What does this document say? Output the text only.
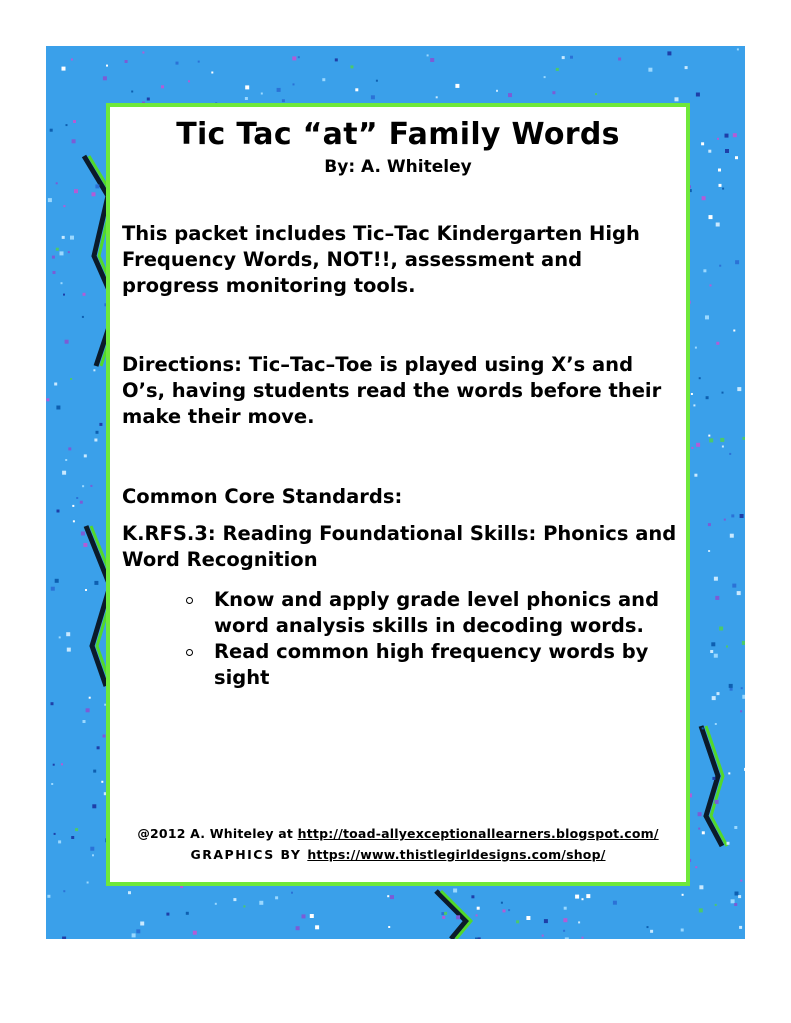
Tic Tac “at” Family Words
By: A. Whiteley
This packet includes Tic–Tac Kindergarten High Frequency Words, NOT!!, assessment and progress monitoring tools.
Directions: Tic–Tac–Toe is played using X’s and O’s, having students read the words before their make their move.
Common Core Standards:
K.RFS.3: Reading Foundational Skills: Phonics and Word Recognition
Know and apply grade level phonics and word analysis skills in decoding words.
Read common high frequency words by sight
@2012 A. Whiteley at http://toad-allyexceptionallearners.blogspot.com/
GRAPHICS BY https://www.thistlegirldesigns.com/shop/
